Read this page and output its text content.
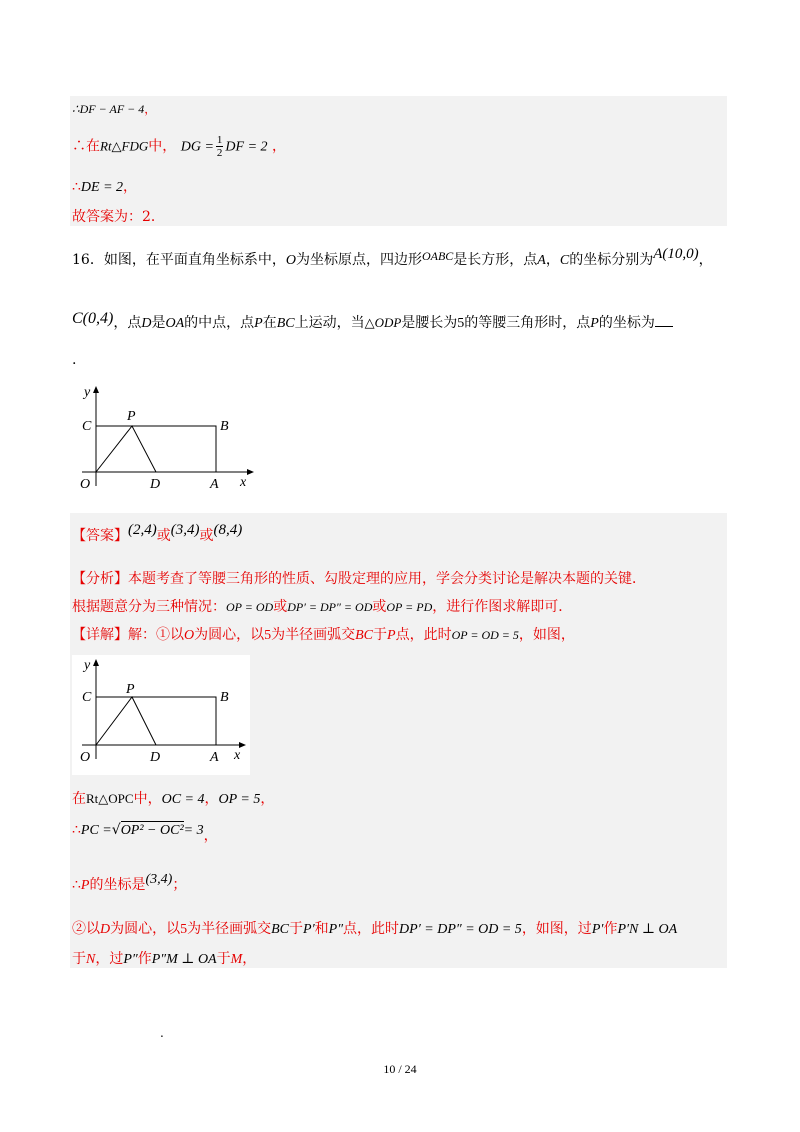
∴DF − AF − 4，
∴在Rt△FDG中， DG = $\frac{1}{2}$ DF = 2 ，
∴DE = 2，
故答案为：2．
16．如图，在平面直角坐标系中，O为坐标原点，四边形OABC是长方形，点A，C的坐标分别为A(10,0)，
C(0,4)，点D是OA的中点，点P在BC上运动，当△ODP是腰长为5的等腰三角形时，点P的坐标为
.
y
C
P
B
O	D	A x
【答案】(2,4)或(3,4)或(8,4)
【分析】本题考查了等腰三角形的性质、勾股定理的应用，学会分类讨论是解决本题的关键．
根据题意分为三种情况：OP = OD或DP′ = DP″ = OD或OP = PD，进行作图求解即可．
【详解】解：①以O为圆心，以5为半径画弧交BC于P点，此时OP = OD = 5，如图，
y
C
P
B
O	D	A x
在Rt△OPC中，OC = 4，OP = 5，
∴PC =√OP² − OC²= 3，
∴P的坐标是(3,4)；
②以D为圆心，以5为半径画弧交BC于P′和P″点，此时DP′ = DP″ = OD = 5，如图，过P′作P′N ⊥ OA
于N，过P″作P″M ⊥ OA于M，
.
10 / 24
